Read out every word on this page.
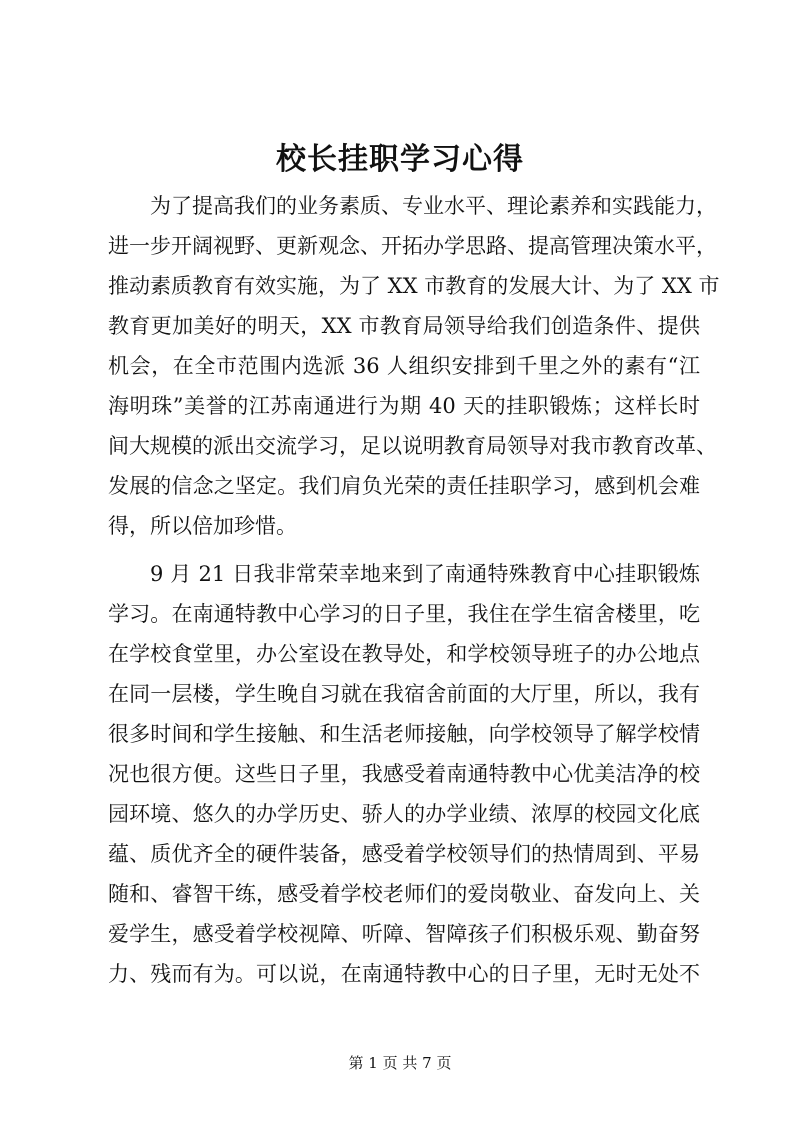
校长挂职学习心得
为了提高我们的业务素质、专业水平、理论素养和实践能力，
进一步开阔视野、更新观念、开拓办学思路、提高管理决策水平，
推动素质教育有效实施，为了 XX 市教育的发展大计、为了 XX 市
教育更加美好的明天，XX 市教育局领导给我们创造条件、提供
机会，在全市范围内选派 36 人组织安排到千里之外的素有“江
海明珠”美誉的江苏南通进行为期 40 天的挂职锻炼；这样长时
间大规模的派出交流学习，足以说明教育局领导对我市教育改革、
发展的信念之坚定。我们肩负光荣的责任挂职学习，感到机会难
得，所以倍加珍惜。
9 月 21 日我非常荣幸地来到了南通特殊教育中心挂职锻炼
学习。在南通特教中心学习的日子里，我住在学生宿舍楼里，吃
在学校食堂里，办公室设在教导处，和学校领导班子的办公地点
在同一层楼，学生晚自习就在我宿舍前面的大厅里，所以，我有
很多时间和学生接触、和生活老师接触，向学校领导了解学校情
况也很方便。这些日子里，我感受着南通特教中心优美洁净的校
园环境、悠久的办学历史、骄人的办学业绩、浓厚的校园文化底
蕴、质优齐全的硬件装备，感受着学校领导们的热情周到、平易
随和、睿智干练，感受着学校老师们的爱岗敬业、奋发向上、关
爱学生，感受着学校视障、听障、智障孩子们积极乐观、勤奋努
力、残而有为。可以说，在南通特教中心的日子里，无时无处不
第 1 页 共 7 页
